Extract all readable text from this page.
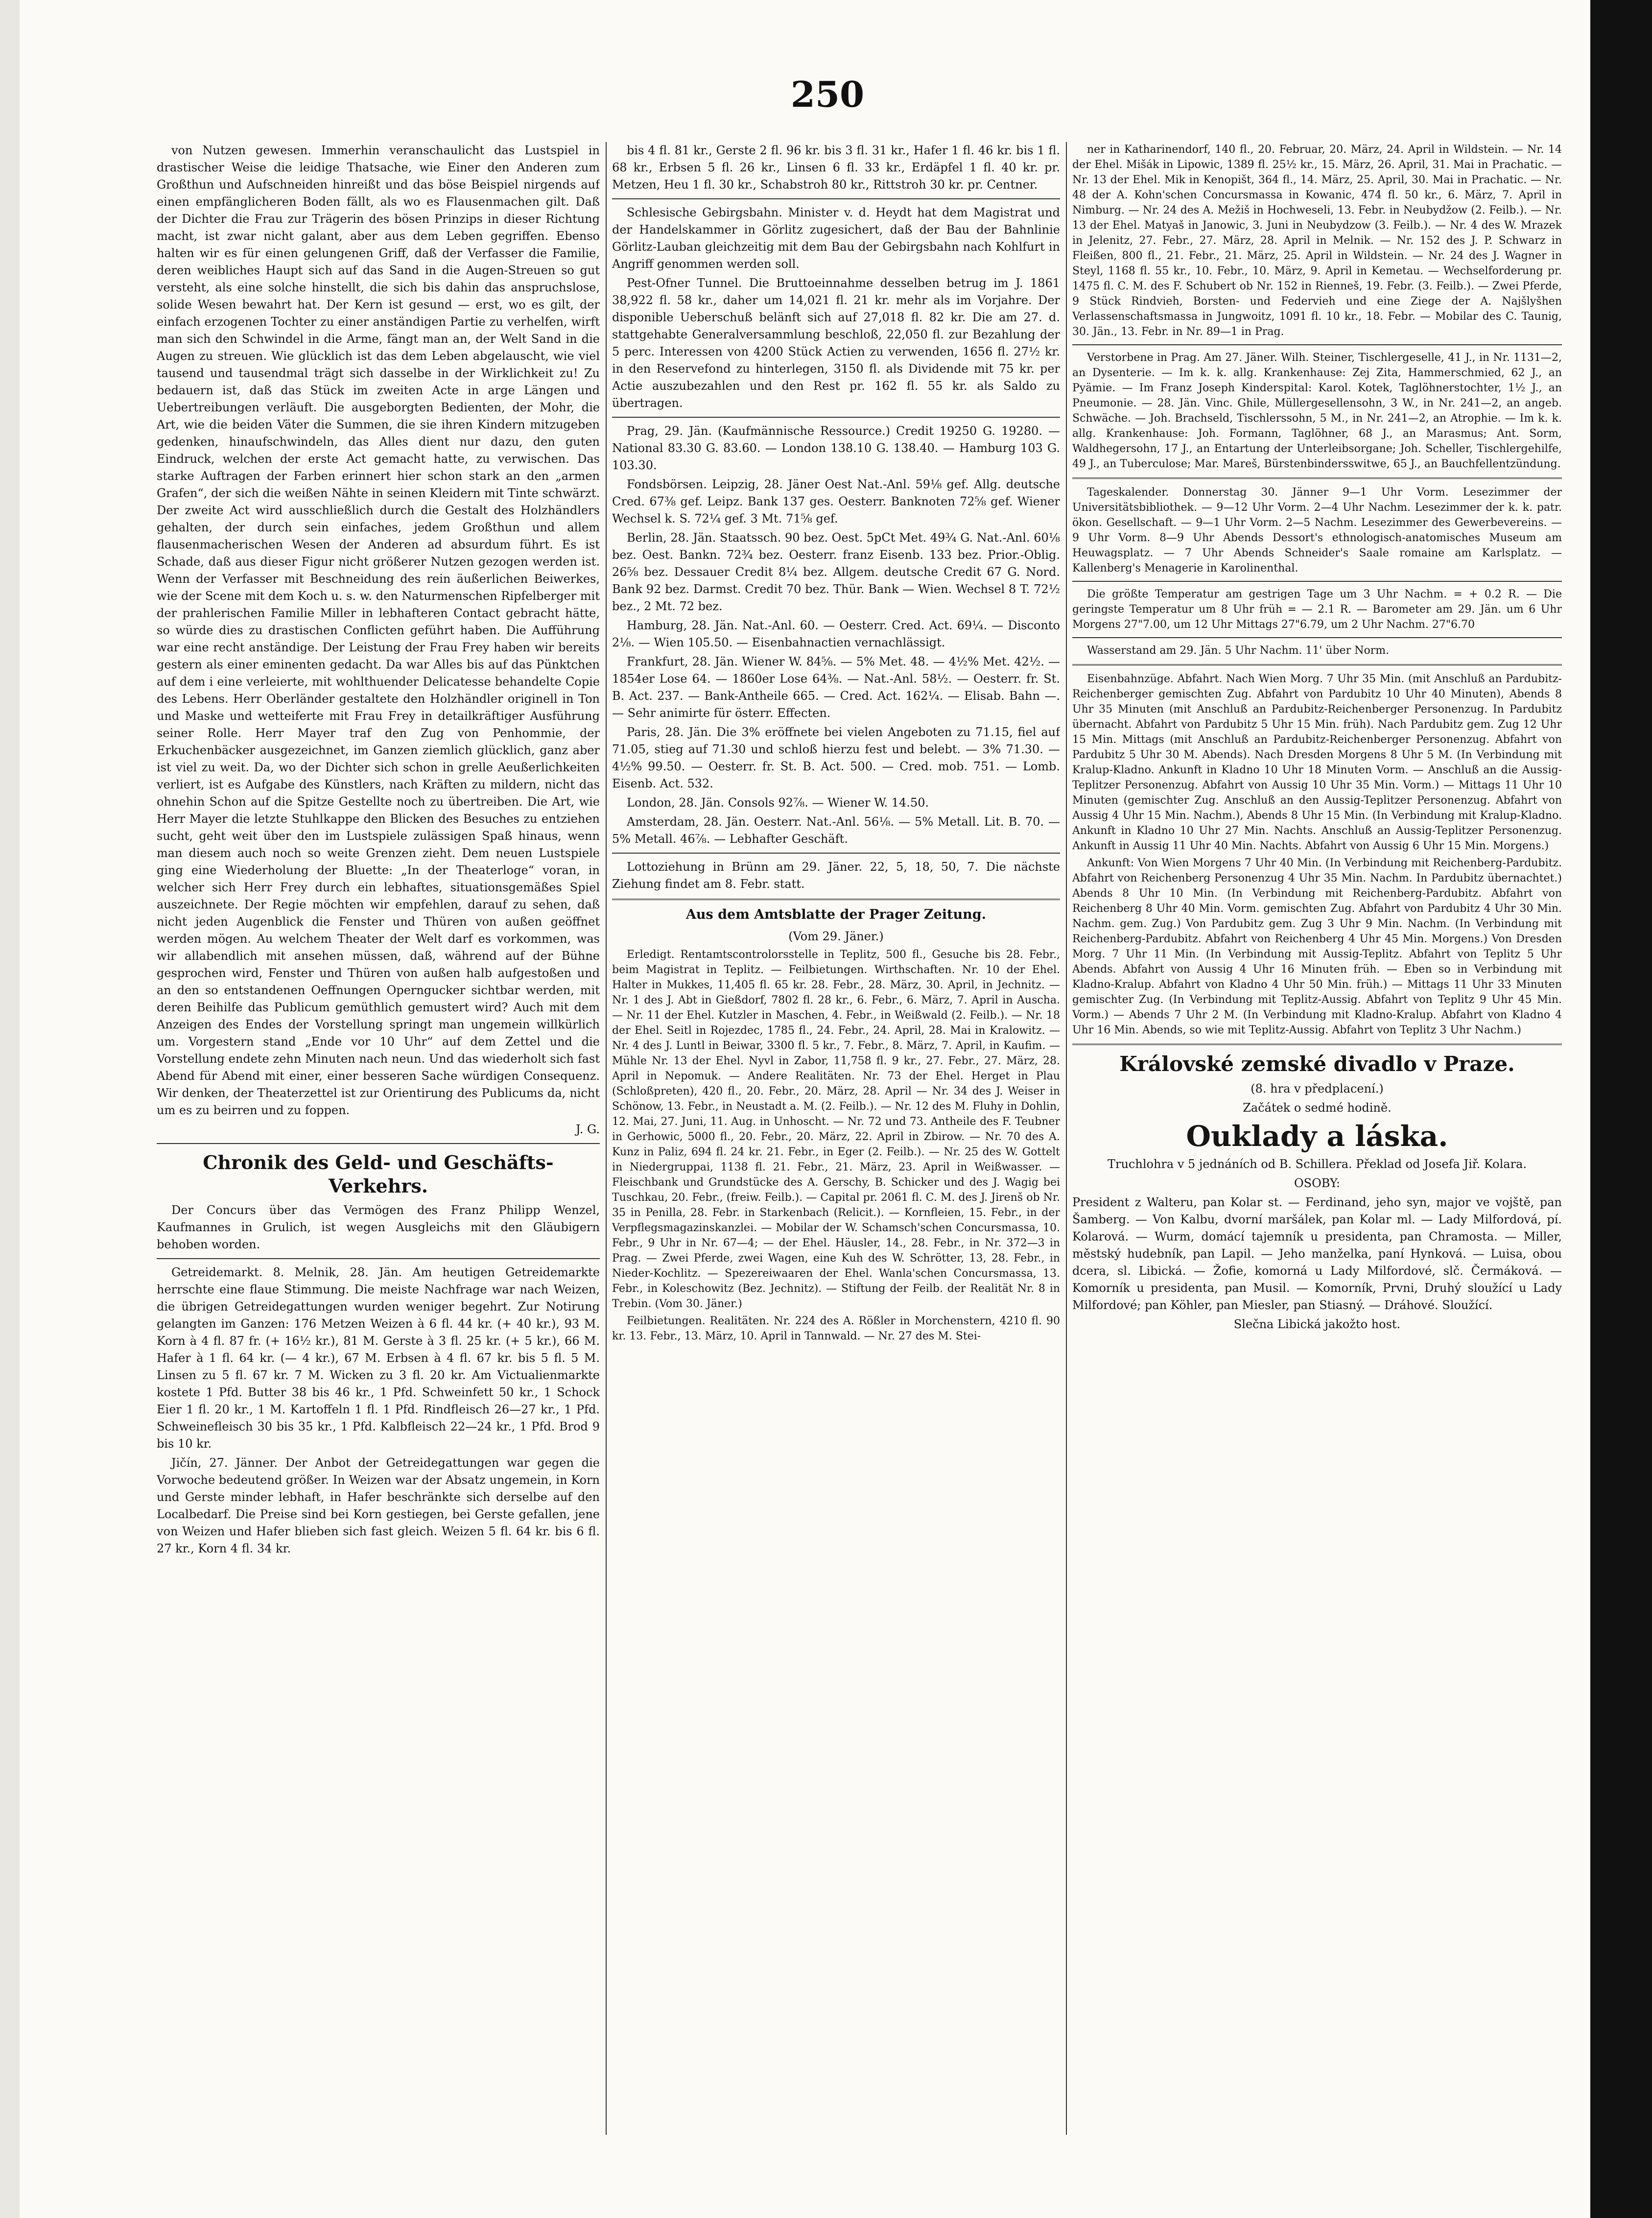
250

von Nutzen gewesen. Immerhin veranschaulicht das Lustspiel in drastischer Weise die leidige Thatsache, wie Einer den Anderen zum Großthun und Aufschneiden hinreißt und das böse Beispiel nirgends auf einen empfänglicheren Boden fällt, als wo es Flausenmachen gilt. Daß der Dichter die Frau zur Trägerin des bösen Prinzips in dieser Richtung macht, ist zwar nicht galant, aber aus dem Leben gegriffen. Ebenso halten wir es für einen gelungenen Griff, daß der Verfasser die Familie, deren weibliches Haupt sich auf das Sand in die Augen-Streuen so gut versteht, als eine solche hinstellt, die sich bis dahin das anspruchslose, solide Wesen bewahrt hat. Der Kern ist gesund — erst, wo es gilt, der einfach erzogenen Tochter zu einer anständigen Partie zu verhelfen, wirft man sich den Schwindel in die Arme, fängt man an, der Welt Sand in die Augen zu streuen. Wie glücklich ist das dem Leben abgelauscht, wie viel tausend und tausendmal trägt sich dasselbe in der Wirklichkeit zu! Zu bedauern ist, daß das Stück im zweiten Acte in arge Längen und Uebertreibungen verläuft. Die ausgeborgten Bedienten, der Mohr, die Art, wie die beiden Väter die Summen, die sie ihren Kindern mitzugeben gedenken, hinaufschwindeln, das Alles dient nur dazu, den guten Eindruck, welchen der erste Act gemacht hatte, zu verwischen. Das starke Auftragen der Farben erinnert hier schon stark an den „armen Grafen“, der sich die weißen Nähte in seinen Kleidern mit Tinte schwärzt. Der zweite Act wird ausschließlich durch die Gestalt des Holzhändlers gehalten, der durch sein einfaches, jedem Großthun und allem flausenmacherischen Wesen der Anderen ad absurdum führt. Es ist Schade, daß aus dieser Figur nicht größerer Nutzen gezogen werden ist. Wenn der Verfasser mit Beschneidung des rein äußerlichen Beiwerkes, wie der Scene mit dem Koch u. s. w. den Naturmenschen Ripfelberger mit der prahlerischen Familie Miller in lebhafteren Contact gebracht hätte, so würde dies zu drastischen Conflicten geführt haben. Die Aufführung war eine recht anständige. Der Leistung der Frau Frey haben wir bereits gestern als einer eminenten gedacht. Da war Alles bis auf das Pünktchen auf dem i eine verleierte, mit wohlthuender Delicatesse behandelte Copie des Lebens. Herr Oberländer gestaltete den Holzhändler originell in Ton und Maske und wetteiferte mit Frau Frey in detailkräftiger Ausführung seiner Rolle. Herr Mayer traf den Zug von Penhommie, der Erkuchenbäcker ausgezeichnet, im Ganzen ziemlich glücklich, ganz aber ist viel zu weit. Da, wo der Dichter sich schon in grelle Aeußerlichkeiten verliert, ist es Aufgabe des Künstlers, nach Kräften zu mildern, nicht das ohnehin Schon auf die Spitze Gestellte noch zu übertreiben. Die Art, wie Herr Mayer die letzte Stuhlkappe den Blicken des Besuches zu entziehen sucht, geht weit über den im Lustspiele zulässigen Spaß hinaus, wenn man diesem auch noch so weite Grenzen zieht. Dem neuen Lustspiele ging eine Wiederholung der Bluette: „In der Theaterloge“ voran, in welcher sich Herr Frey durch ein lebhaftes, situationsgemäßes Spiel auszeichnete. Der Regie möchten wir empfehlen, darauf zu sehen, daß nicht jeden Augenblick die Fenster und Thüren von außen geöffnet werden mögen. Au welchem Theater der Welt darf es vorkommen, was wir allabendlich mit ansehen müssen, daß, während auf der Bühne gesprochen wird, Fenster und Thüren von außen halb aufgestoßen und an den so entstandenen Oeffnungen Operngucker sichtbar werden, mit deren Beihilfe das Publicum gemüthlich gemustert wird? Auch mit dem Anzeigen des Endes der Vorstellung springt man ungemein willkürlich um. Vorgestern stand „Ende vor 10 Uhr“ auf dem Zettel und die Vorstellung endete zehn Minuten nach neun. Und das wiederholt sich fast Abend für Abend mit einer, einer besseren Sache würdigen Consequenz. Wir denken, der Theaterzettel ist zur Orientirung des Publicums da, nicht um es zu beirren und zu foppen.

J. G.

Chronik des Geld- und Geschäfts-Verkehrs.

Der Concurs über das Vermögen des Franz Philipp Wenzel, Kaufmannes in Grulich, ist wegen Ausgleichs mit den Gläubigern behoben worden.

Getreidemarkt. 8. Melnik, 28. Jän. Am heutigen Getreidemarkte herrschte eine flaue Stimmung. Die meiste Nachfrage war nach Weizen, die übrigen Getreidegattungen wurden weniger begehrt. Zur Notirung gelangten im Ganzen: 176 Metzen Weizen à 6 fl. 44 kr. (+ 40 kr.), 93 M. Korn à 4 fl. 87 fr. (+ 16½ kr.), 81 M. Gerste à 3 fl. 25 kr. (+ 5 kr.), 66 M. Hafer à 1 fl. 64 kr. (— 4 kr.), 67 M. Erbsen à 4 fl. 67 kr. bis 5 fl. 5 M. Linsen zu 5 fl. 67 kr. 7 M. Wicken zu 3 fl. 20 kr. Am Victualienmarkte kostete 1 Pfd. Butter 38 bis 46 kr., 1 Pfd. Schweinfett 50 kr., 1 Schock Eier 1 fl. 20 kr., 1 M. Kartoffeln 1 fl. 1 Pfd. Rindfleisch 26—27 kr., 1 Pfd. Schweinefleisch 30 bis 35 kr., 1 Pfd. Kalbfleisch 22—24 kr., 1 Pfd. Brod 9 bis 10 kr.

Jičín, 27. Jänner. Der Anbot der Getreidegattungen war gegen die Vorwoche bedeutend größer. In Weizen war der Absatz ungemein, in Korn und Gerste minder lebhaft, in Hafer beschränkte sich derselbe auf den Localbedarf. Die Preise sind bei Korn gestiegen, bei Gerste gefallen, jene von Weizen und Hafer blieben sich fast gleich. Weizen 5 fl. 64 kr. bis 6 fl. 27 kr., Korn 4 fl. 34 kr.

bis 4 fl. 81 kr., Gerste 2 fl. 96 kr. bis 3 fl. 31 kr., Hafer 1 fl. 46 kr. bis 1 fl. 68 kr., Erbsen 5 fl. 26 kr., Linsen 6 fl. 33 kr., Erdäpfel 1 fl. 40 kr. pr. Metzen, Heu 1 fl. 30 kr., Schabstroh 80 kr., Rittstroh 30 kr. pr. Centner.

Schlesische Gebirgsbahn. Minister v. d. Heydt hat dem Magistrat und der Handelskammer in Görlitz zugesichert, daß der Bau der Bahnlinie Görlitz-Lauban gleichzeitig mit dem Bau der Gebirgsbahn nach Kohlfurt in Angriff genommen werden soll.

Pest-Ofner Tunnel. Die Bruttoeinnahme desselben betrug im J. 1861 38,922 fl. 58 kr., daher um 14,021 fl. 21 kr. mehr als im Vorjahre. Der disponible Ueberschuß belänft sich auf 27,018 fl. 82 kr. Die am 27. d. stattgehabte Generalversammlung beschloß, 22,050 fl. zur Bezahlung der 5 perc. Interessen von 4200 Stück Actien zu verwenden, 1656 fl. 27½ kr. in den Reservefond zu hinterlegen, 3150 fl. als Dividende mit 75 kr. per Actie auszubezahlen und den Rest pr. 162 fl. 55 kr. als Saldo zu übertragen.

Prag, 29. Jän. (Kaufmännische Ressource.) Credit 19250 G. 19280. — National 83.30 G. 83.60. — London 138.10 G. 138.40. — Hamburg 103 G. 103.30.

Fondsbörsen. Leipzig, 28. Jäner Oest Nat.-Anl. 59⅛ gef. Allg. deutsche Cred. 67⅜ gef. Leipz. Bank 137 ges. Oesterr. Banknoten 72⅝ gef. Wiener Wechsel k. S. 72¼ gef. 3 Mt. 71⅝ gef.

Berlin, 28. Jän. Staatssch. 90 bez. Oest. 5pCt Met. 49¾ G. Nat.-Anl. 60⅛ bez. Oest. Bankn. 72¾ bez. Oesterr. franz Eisenb. 133 bez. Prior.-Oblig. 26⅝ bez. Dessauer Credit 8¼ bez. Allgem. deutsche Credit 67 G. Nord. Bank 92 bez. Darmst. Credit 70 bez. Thür. Bank — Wien. Wechsel 8 T. 72½ bez., 2 Mt. 72 bez.

Hamburg, 28. Jän. Nat.-Anl. 60. — Oesterr. Cred. Act. 69¼. — Disconto 2⅛. — Wien 105.50. — Eisenbahnactien vernachlässigt.

Frankfurt, 28. Jän. Wiener W. 84⅝. — 5% Met. 48. — 4½% Met. 42½. — 1854er Lose 64. — 1860er Lose 64⅜. — Nat.-Anl. 58½. — Oesterr. fr. St. B. Act. 237. — Bank-Antheile 665. — Cred. Act. 162¼. — Elisab. Bahn —. — Sehr animirte für österr. Effecten.

Paris, 28. Jän. Die 3% eröffnete bei vielen Angeboten zu 71.15, fiel auf 71.05, stieg auf 71.30 und schloß hierzu fest und belebt. — 3% 71.30. — 4½% 99.50. — Oesterr. fr. St. B. Act. 500. — Cred. mob. 751. — Lomb. Eisenb. Act. 532.

London, 28. Jän. Consols 92⅞. — Wiener W. 14.50.

Amsterdam, 28. Jän. Oesterr. Nat.-Anl. 56⅛. — 5% Metall. Lit. B. 70. — 5% Metall. 46⅞. — Lebhafter Geschäft.

Lottoziehung in Brünn am 29. Jäner. 22, 5, 18, 50, 7. Die nächste Ziehung findet am 8. Febr. statt.

Aus dem Amtsblatte der Prager Zeitung.
(Vom 29. Jäner.)

Erledigt. Rentamtscontrolorsstelle in Teplitz, 500 fl., Gesuche bis 28. Febr., beim Magistrat in Teplitz. — Feilbietungen. Wirthschaften. Nr. 10 der Ehel. Halter in Mukkes, 11,405 fl. 65 kr. 28. Febr., 28. März, 30. April, in Jechnitz. — Nr. 1 des J. Abt in Gießdorf, 7802 fl. 28 kr., 6. Febr., 6. März, 7. April in Auscha. — Nr. 11 der Ehel. Kutzler in Maschen, 4. Febr., in Weißwald (2. Feilb.). — Nr. 18 der Ehel. Seitl in Rojezdec, 1785 fl., 24. Febr., 24. April, 28. Mai in Kralowitz. — Nr. 4 des J. Luntl in Beiwar, 3300 fl. 5 kr., 7. Febr., 8. März, 7. April, in Kaufim. — Mühle Nr. 13 der Ehel. Nyvl in Zabor, 11,758 fl. 9 kr., 27. Febr., 27. März, 28. April in Nepomuk. — Andere Realitäten. Nr. 73 der Ehel. Herget in Plau (Schloßpreten), 420 fl., 20. Febr., 20. März, 28. April — Nr. 34 des J. Weiser in Schönow, 13. Febr., in Neustadt a. M. (2. Feilb.). — Nr. 12 des M. Fluhy in Dohlin, 12. Mai, 27. Juni, 11. Aug. in Unhoscht. — Nr. 72 und 73. Antheile des F. Teubner in Gerhowic, 5000 fl., 20. Febr., 20. März, 22. April in Zbirow. — Nr. 70 des A. Kunz in Paliz, 694 fl. 24 kr. 21. Febr., in Eger (2. Feilb.). — Nr. 25 des W. Gottelt in Niedergruppai, 1138 fl. 21. Febr., 21. März, 23. April in Weißwasser. — Fleischbank und Grundstücke des A. Gerschy, B. Schicker und des J. Wagig bei Tuschkau, 20. Febr., (freiw. Feilb.). — Capital pr. 2061 fl. C. M. des J. Jirenš ob Nr. 35 in Penilla, 28. Febr. in Starkenbach (Relicit.). — Kornfleien, 15. Febr., in der Verpflegsmagazinskanzlei. — Mobilar der W. Schamsch'schen Concursmassa, 10. Febr., 9 Uhr in Nr. 67—4; — der Ehel. Häusler, 14., 28. Febr., in Nr. 372—3 in Prag. — Zwei Pferde, zwei Wagen, eine Kuh des W. Schrötter, 13, 28. Febr., in Nieder-Kochlitz. — Spezereiwaaren der Ehel. Wanla'schen Concursmassa, 13. Febr., in Koleschowitz (Bez. Jechnitz). — Stiftung der Feilb. der Realität Nr. 8 in Trebin. (Vom 30. Jäner.)

Feilbietungen. Realitäten. Nr. 224 des A. Rößler in Morchenstern, 4210 fl. 90 kr. 13. Febr., 13. März, 10. April in Tannwald. — Nr. 27 des M. Stei-

ner in Katharinendorf, 140 fl., 20. Februar, 20. März, 24. April in Wildstein. — Nr. 14 der Ehel. Mišák in Lipowic, 1389 fl. 25½ kr., 15. März, 26. April, 31. Mai in Prachatic. — Nr. 13 der Ehel. Mik in Kenopišt, 364 fl., 14. März, 25. April, 30. Mai in Prachatic. — Nr. 48 der A. Kohn'schen Concursmassa in Kowanic, 474 fl. 50 kr., 6. März, 7. April in Nimburg. — Nr. 24 des A. Mežiš in Hochweseli, 13. Febr. in Neubydžow (2. Feilb.). — Nr. 13 der Ehel. Matyaš in Janowic, 3. Juni in Neubydzow (3. Feilb.). — Nr. 4 des W. Mrazek in Jelenitz, 27. Febr., 27. März, 28. April in Melnik. — Nr. 152 des J. P. Schwarz in Fleißen, 800 fl., 21. Febr., 21. März, 25. April in Wildstein. — Nr. 24 des J. Wagner in Steyl, 1168 fl. 55 kr., 10. Febr., 10. März, 9. April in Kemetau. — Wechselforderung pr. 1475 fl. C. M. des F. Schubert ob Nr. 152 in Rienneš, 19. Febr. (3. Feilb.). — Zwei Pferde, 9 Stück Rindvieh, Borsten- und Federvieh und eine Ziege der A. Najšlyšhen Verlassenschaftsmassa in Jungwoitz, 1091 fl. 10 kr., 18. Febr. — Mobilar des C. Taunig, 30. Jän., 13. Febr. in Nr. 89—1 in Prag.

Verstorbene in Prag. Am 27. Jäner. Wilh. Steiner, Tischlergeselle, 41 J., in Nr. 1131—2, an Dysenterie. — Im k. k. allg. Krankenhause: Zej Zita, Hammerschmied, 62 J., an Pyämie. — Im Franz Joseph Kinderspital: Karol. Kotek, Taglöhnerstochter, 1½ J., an Pneumonie. — 28. Jän. Vinc. Ghile, Müllergesellensohn, 3 W., in Nr. 241—2, an angeb. Schwäche. — Joh. Brachseld, Tischlerssohn, 5 M., in Nr. 241—2, an Atrophie. — Im k. k. allg. Krankenhause: Joh. Formann, Taglöhner, 68 J., an Marasmus; Ant. Sorm, Waldhegersohn, 17 J., an Entartung der Unterleibsorgane; Joh. Scheller, Tischlergehilfe, 49 J., an Tuberculose; Mar. Mareš, Bürstenbindersswitwe, 65 J., an Bauchfellentzündung.

Tageskalender. Donnerstag 30. Jänner 9—1 Uhr Vorm. Lesezimmer der Universitätsbibliothek. — 9—12 Uhr Vorm. 2—4 Uhr Nachm. Lesezimmer der k. k. patr. ökon. Gesellschaft. — 9—1 Uhr Vorm. 2—5 Nachm. Lesezimmer des Gewerbevereins. — 9 Uhr Vorm. 8—9 Uhr Abends Dessort's ethnologisch-anatomisches Museum am Heuwagsplatz. — 7 Uhr Abends Schneider's Saale romaine am Karlsplatz. — Kallenberg's Menagerie in Karolinenthal.

Die größte Temperatur am gestrigen Tage um 3 Uhr Nachm. = + 0.2 R. — Die geringste Temperatur um 8 Uhr früh = — 2.1 R. — Barometer am 29. Jän. um 6 Uhr Morgens 27"7.00, um 12 Uhr Mittags 27"6.79, um 2 Uhr Nachm. 27"6.70

Wasserstand am 29. Jän. 5 Uhr Nachm. 11' über Norm.

Eisenbahnzüge. Abfahrt. Nach Wien Morg. 7 Uhr 35 Min. (mit Anschluß an Pardubitz-Reichenberger gemischten Zug. Abfahrt von Pardubitz 10 Uhr 40 Minuten), Abends 8 Uhr 35 Minuten (mit Anschluß an Pardubitz-Reichenberger Personenzug. In Pardubitz übernacht. Abfahrt von Pardubitz 5 Uhr 15 Min. früh). Nach Pardubitz gem. Zug 12 Uhr 15 Min. Mittags (mit Anschluß an Pardubitz-Reichenberger Personenzug. Abfahrt von Pardubitz 5 Uhr 30 M. Abends). Nach Dresden Morgens 8 Uhr 5 M. (In Verbindung mit Kralup-Kladno. Ankunft in Kladno 10 Uhr 18 Minuten Vorm. — Anschluß an die Aussig-Teplitzer Personenzug. Abfahrt von Aussig 10 Uhr 35 Min. Vorm.) — Mittags 11 Uhr 10 Minuten (gemischter Zug. Anschluß an den Aussig-Teplitzer Personenzug. Abfahrt von Aussig 4 Uhr 15 Min. Nachm.), Abends 8 Uhr 15 Min. (In Verbindung mit Kralup-Kladno. Ankunft in Kladno 10 Uhr 27 Min. Nachts. Anschluß an Aussig-Teplitzer Personenzug. Ankunft in Aussig 11 Uhr 40 Min. Nachts. Abfahrt von Aussig 6 Uhr 15 Min. Morgens.)

Ankunft: Von Wien Morgens 7 Uhr 40 Min. (In Verbindung mit Reichenberg-Pardubitz. Abfahrt von Reichenberg Personenzug 4 Uhr 35 Min. Nachm. In Pardubitz übernachtet.) Abends 8 Uhr 10 Min. (In Verbindung mit Reichenberg-Pardubitz. Abfahrt von Reichenberg 8 Uhr 40 Min. Vorm. gemischten Zug. Abfahrt von Pardubitz 4 Uhr 30 Min. Nachm. gem. Zug.) Von Pardubitz gem. Zug 3 Uhr 9 Min. Nachm. (In Verbindung mit Reichenberg-Pardubitz. Abfahrt von Reichenberg 4 Uhr 45 Min. Morgens.) Von Dresden Morg. 7 Uhr 11 Min. (In Verbindung mit Aussig-Teplitz. Abfahrt von Teplitz 5 Uhr Abends. Abfahrt von Aussig 4 Uhr 16 Minuten früh. — Eben so in Verbindung mit Kladno-Kralup. Abfahrt von Kladno 4 Uhr 50 Min. früh.) — Mittags 11 Uhr 33 Minuten gemischter Zug. (In Verbindung mit Teplitz-Aussig. Abfahrt von Teplitz 9 Uhr 45 Min. Vorm.) — Abends 7 Uhr 2 M. (In Verbindung mit Kladno-Kralup. Abfahrt von Kladno 4 Uhr 16 Min. Abends, so wie mit Teplitz-Aussig. Abfahrt von Teplitz 3 Uhr Nachm.)

Královské zemské divadlo v Praze.

(8. hra v předplacení.)

Začátek o sedmé hodině.

Ouklady a láska.

Truchlohra v 5 jednáních od B. Schillera. Překlad od Josefa Jiř. Kolara.

OSOBY:

President z Walteru, pan Kolar st. — Ferdinand, jeho syn, major ve vojště, pan Šamberg. — Von Kalbu, dvorní maršálek, pan Kolar ml. — Lady Milfordová, pí. Kolarová. — Wurm, domácí tajemník u presidenta, pan Chramosta. — Miller, městský hudebník, pan Lapil. — Jeho manželka, paní Hynková. — Luisa, obou dcera, sl. Libická. — Žofie, komorná u Lady Milfordové, slč. Čermáková. — Komorník u presidenta, pan Musil. — Komorník, Prvni, Druhý sloužící u Lady Milfordové; pan Köhler, pan Miesler, pan Stiasný. — Dráhové. Sloužící.

Slečna Libická jakožto host.
